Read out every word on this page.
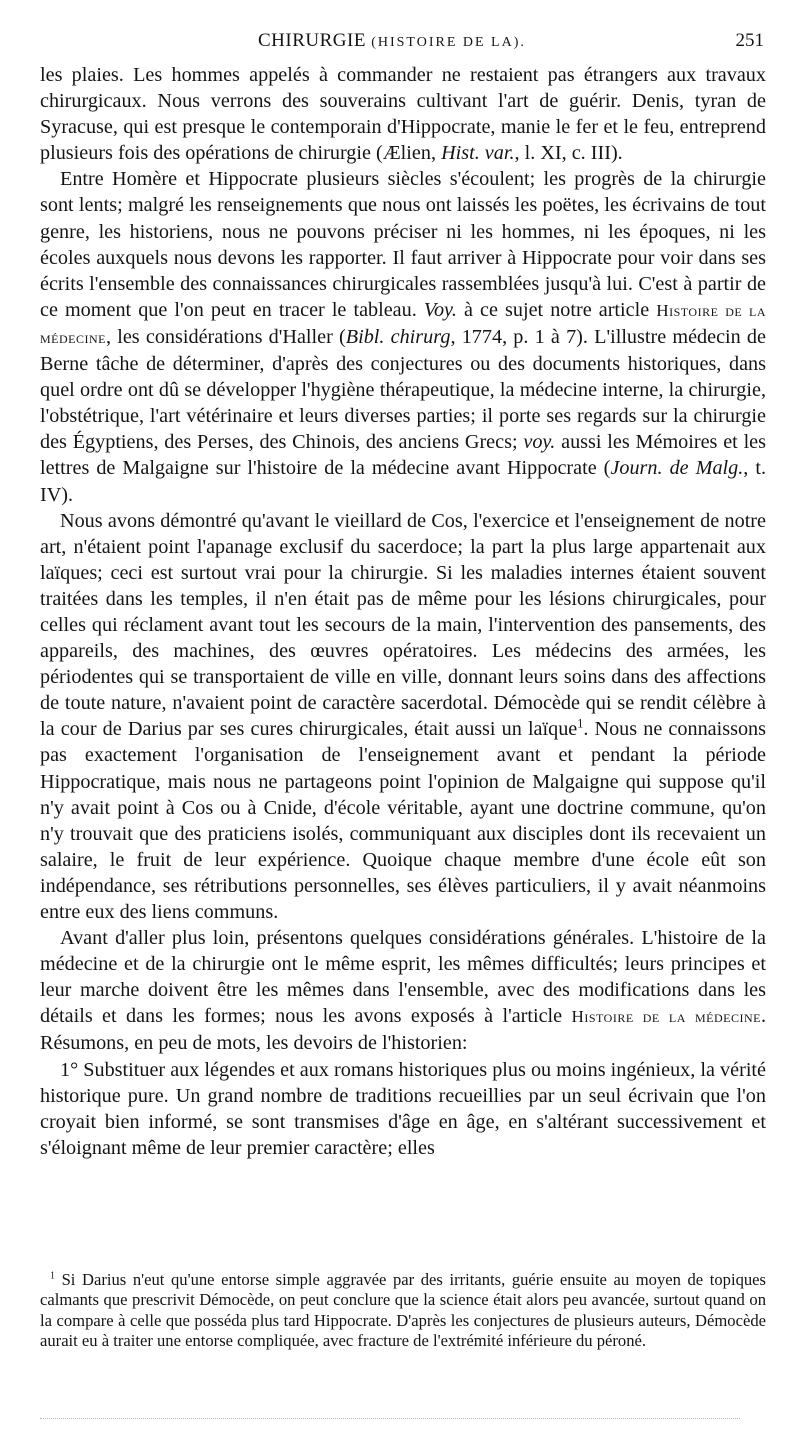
CHIRURGIE (HISTOIRE DE LA).	251

les plaies. Les hommes appelés à commander ne restaient pas étrangers aux travaux chirurgicaux. Nous verrons des souverains cultivant l'art de guérir. Denis, tyran de Syracuse, qui est presque le contemporain d'Hippocrate, manie le fer et le feu, entreprend plusieurs fois des opérations de chirurgie (Ælien, Hist. var., l. XI, c. III).

Entre Homère et Hippocrate plusieurs siècles s'écoulent; les progrès de la chirurgie sont lents; malgré les renseignements que nous ont laissés les poëtes, les écrivains de tout genre, les historiens, nous ne pouvons préciser ni les hommes, ni les époques, ni les écoles auxquels nous devons les rapporter. Il faut arriver à Hippocrate pour voir dans ses écrits l'ensemble des connaissances chirurgicales rassemblées jusqu'à lui. C'est à partir de ce moment que l'on peut en tracer le tableau. Voy. à ce sujet notre article Histoire de la médecine, les considérations d'Haller (Bibl. chirurg, 1774, p. 1 à 7). L'illustre médecin de Berne tâche de déterminer, d'après des conjectures ou des documents historiques, dans quel ordre ont dû se développer l'hygiène thérapeutique, la médecine interne, la chirurgie, l'obstétrique, l'art vétérinaire et leurs diverses parties; il porte ses regards sur la chirurgie des Égyptiens, des Perses, des Chinois, des anciens Grecs; voy. aussi les Mémoires et les lettres de Malgaigne sur l'histoire de la médecine avant Hippocrate (Journ. de Malg., t. IV).

Nous avons démontré qu'avant le vieillard de Cos, l'exercice et l'enseignement de notre art, n'étaient point l'apanage exclusif du sacerdoce; la part la plus large appartenait aux laïques; ceci est surtout vrai pour la chirurgie. Si les maladies internes étaient souvent traitées dans les temples, il n'en était pas de même pour les lésions chirurgicales, pour celles qui réclament avant tout les secours de la main, l'intervention des pansements, des appareils, des machines, des œuvres opératoires. Les médecins des armées, les périodentes qui se transportaient de ville en ville, donnant leurs soins dans des affections de toute nature, n'avaient point de caractère sacerdotal. Démocède qui se rendit célèbre à la cour de Darius par ses cures chirurgicales, était aussi un laïque$^1$. Nous ne connaissons pas exactement l'organisation de l'enseignement avant et pendant la période Hippocratique, mais nous ne partageons point l'opinion de Malgaigne qui suppose qu'il n'y avait point à Cos ou à Cnide, d'école véritable, ayant une doctrine commune, qu'on n'y trouvait que des praticiens isolés, communiquant aux disciples dont ils recevaient un salaire, le fruit de leur expérience. Quoique chaque membre d'une école eût son indépendance, ses rétributions personnelles, ses élèves particuliers, il y avait néanmoins entre eux des liens communs.

Avant d'aller plus loin, présentons quelques considérations générales. L'histoire de la médecine et de la chirurgie ont le même esprit, les mêmes difficultés; leurs principes et leur marche doivent être les mêmes dans l'ensemble, avec des modifications dans les détails et dans les formes; nous les avons exposés à l'article Histoire de la médecine. Résumons, en peu de mots, les devoirs de l'historien:

1° Substituer aux légendes et aux romans historiques plus ou moins ingénieux, la vérité historique pure. Un grand nombre de traditions recueillies par un seul écrivain que l'on croyait bien informé, se sont transmises d'âge en âge, en s'altérant successivement et s'éloignant même de leur premier caractère; elles

$^1$ Si Darius n'eut qu'une entorse simple aggravée par des irritants, guérie ensuite au moyen de topiques calmants que prescrivit Démocède, on peut conclure que la science était alors peu avancée, surtout quand on la compare à celle que posséda plus tard Hippocrate. D'après les conjectures de plusieurs auteurs, Démocède aurait eu à traiter une entorse compliquée, avec fracture de l'extrémité inférieure du péroné.
